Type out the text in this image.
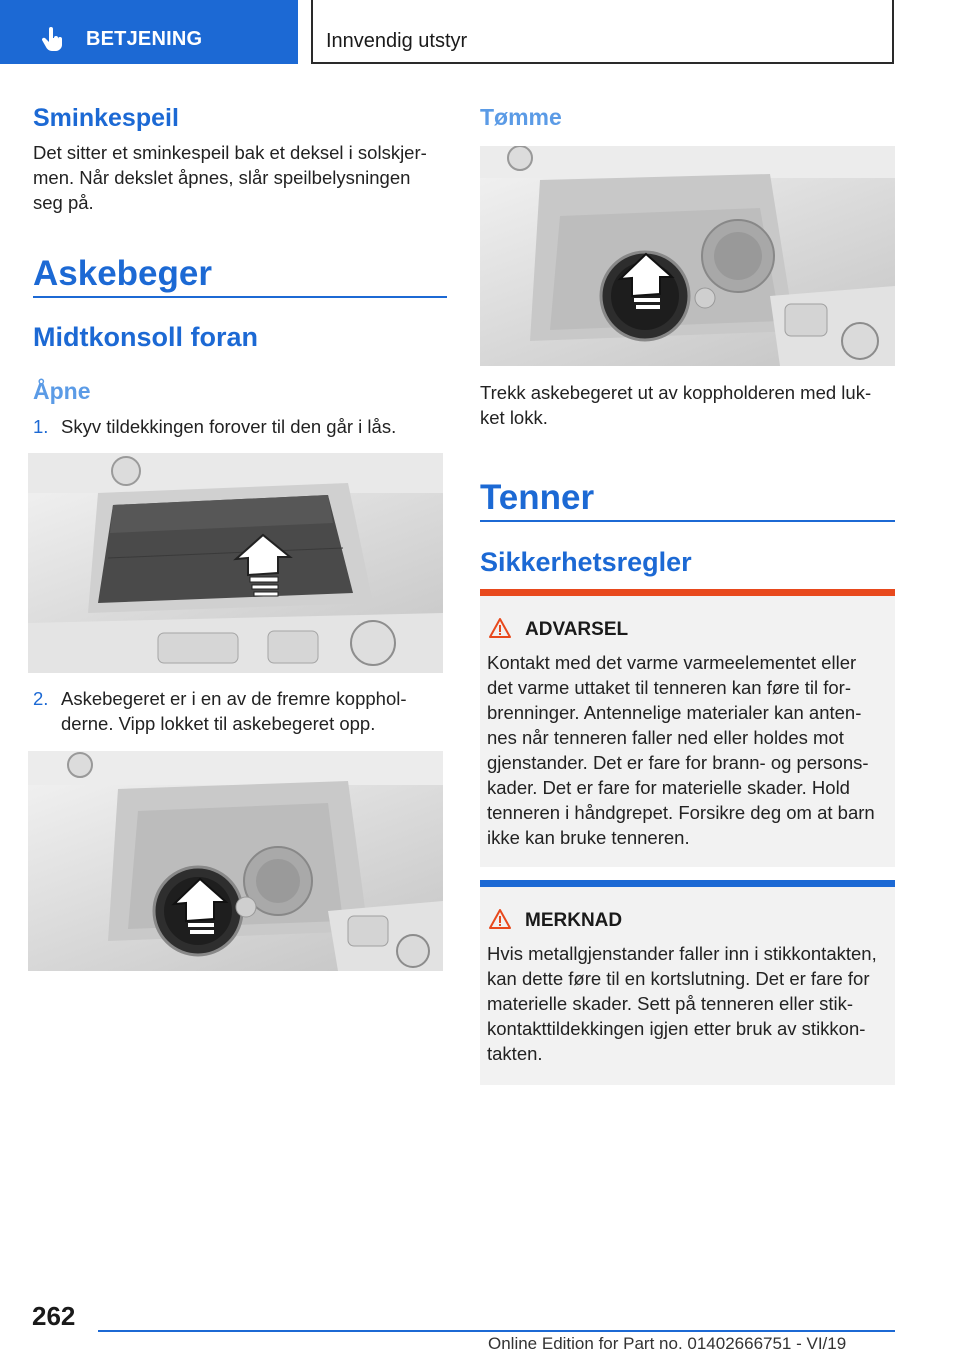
BETJENING	Innvendig utstyr
Sminkespeil
Det sitter et sminkespeil bak et deksel i solskjer-
men. Når dekslet åpnes, slår speilbelysningen
seg på.
Askebeger
Midtkonsoll foran
Åpne
1. Skyv tildekkingen forover til den går i lås.
2. Askebegeret er i en av de fremre kopphol-
derne. Vipp lokket til askebegeret opp.
Tømme
Trekk askebegeret ut av koppholderen med luk-
ket lokk.
Tenner
Sikkerhetsregler
ADVARSEL
Kontakt med det varme varmeelementet eller
det varme uttaket til tenneren kan føre til for-
brenninger. Antennelige materialer kan anten-
nes når tenneren faller ned eller holdes mot
gjenstander. Det er fare for brann- og persons-
kader. Det er fare for materielle skader. Hold
tenneren i håndgrepet. Forsikre deg om at barn
ikke kan bruke tenneren.
MERKNAD
Hvis metallgjenstander faller inn i stikkontakten,
kan dette føre til en kortslutning. Det er fare for
materielle skader. Sett på tenneren eller stik-
kontakttildekkingen igjen etter bruk av stikkon-
takten.
262
Online Edition for Part no. 01402666751 - VI/19
